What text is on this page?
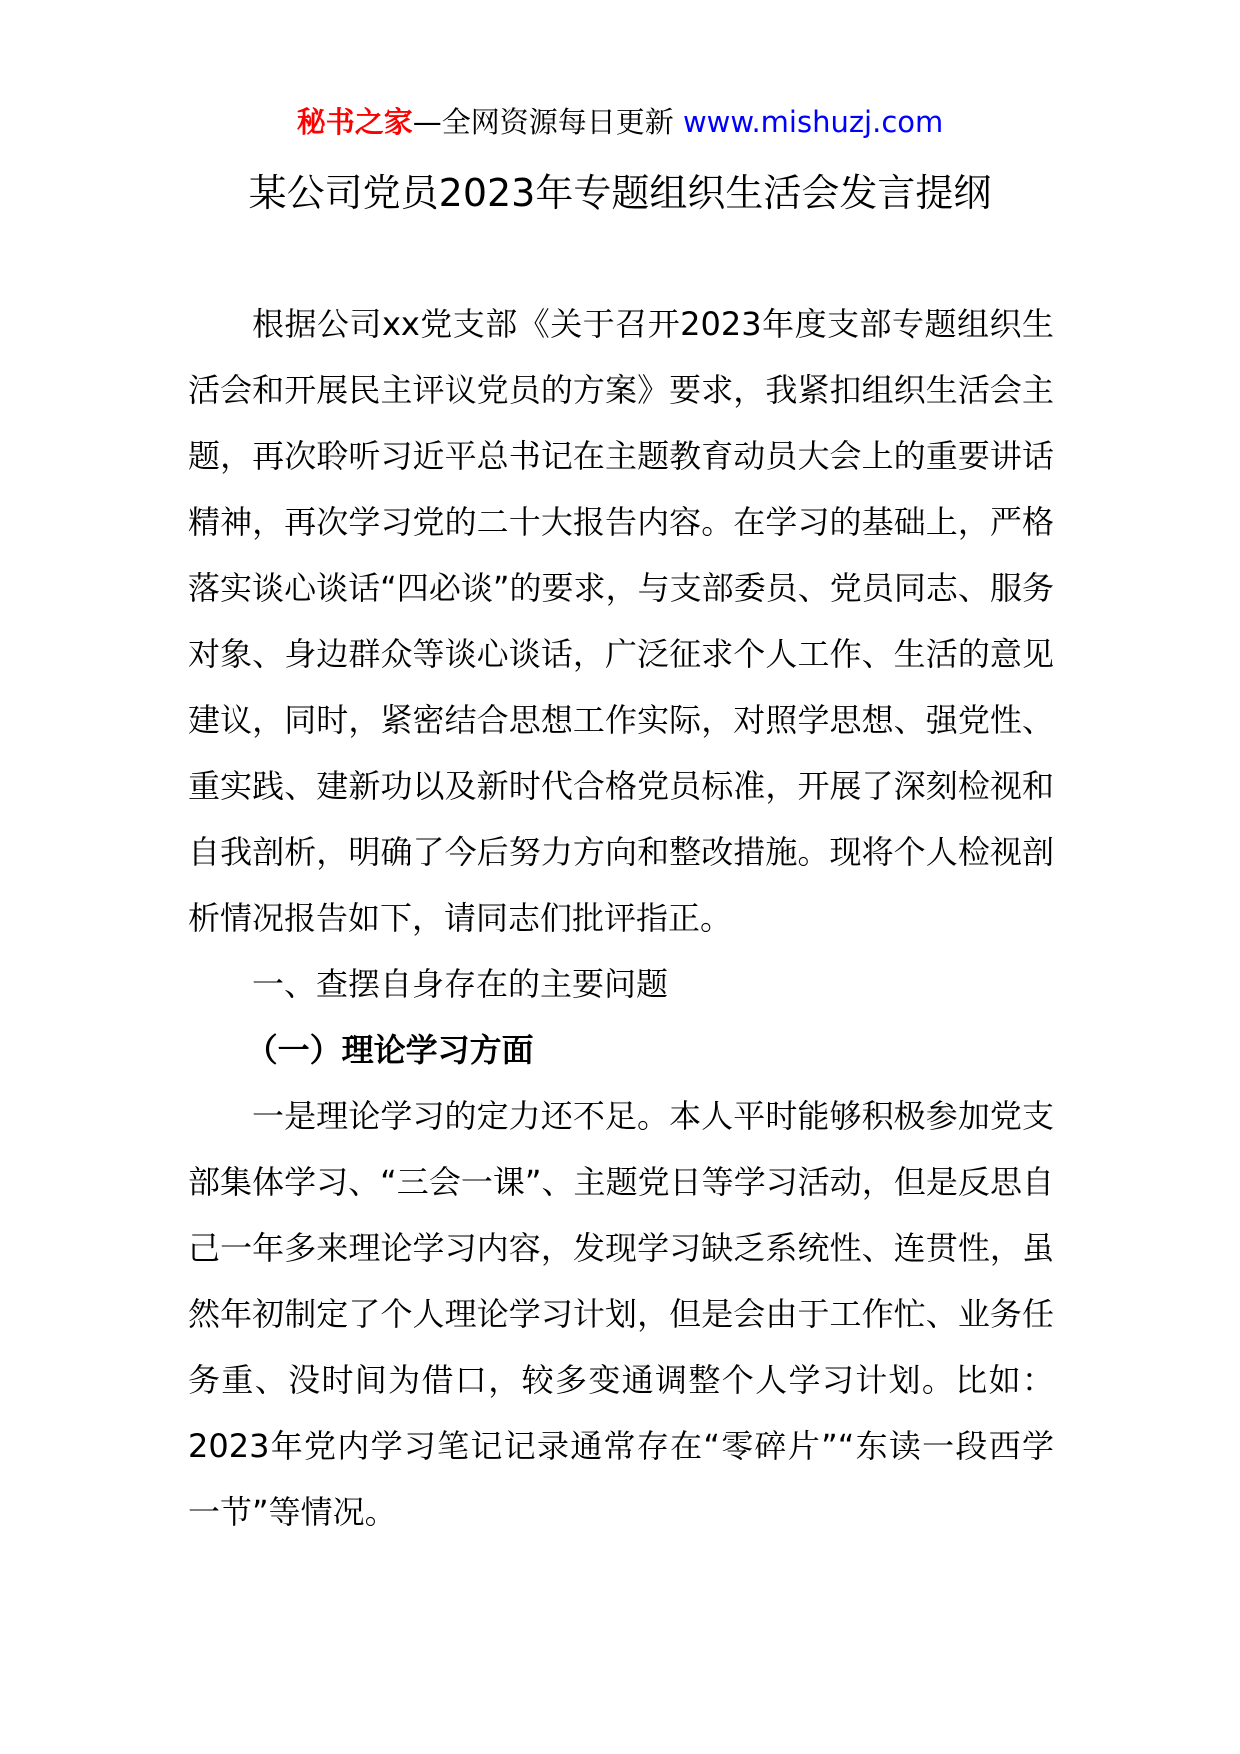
秘书之家—全网资源每日更新 www.mishuzj.com
某公司党员2023年专题组织生活会发言提纲

根据公司xx党支部《关于召开2023年度支部专题组织生活会和开展民主评议党员的方案》要求，我紧扣组织生活会主题，再次聆听习近平总书记在主题教育动员大会上的重要讲话精神，再次学习党的二十大报告内容。在学习的基础上，严格落实谈心谈话“四必谈”的要求，与支部委员、党员同志、服务对象、身边群众等谈心谈话，广泛征求个人工作、生活的意见建议，同时，紧密结合思想工作实际，对照学思想、强党性、重实践、建新功以及新时代合格党员标准，开展了深刻检视和自我剖析，明确了今后努力方向和整改措施。现将个人检视剖析情况报告如下，请同志们批评指正。

一、查摆自身存在的主要问题

（一）理论学习方面

一是理论学习的定力还不足。本人平时能够积极参加党支部集体学习、“三会一课”、主题党日等学习活动，但是反思自己一年多来理论学习内容，发现学习缺乏系统性、连贯性，虽然年初制定了个人理论学习计划，但是会由于工作忙、业务任务重、没时间为借口，较多变通调整个人学习计划。比如：2023年党内学习笔记记录通常存在“零碎片”“东读一段西学一节”等情况。
